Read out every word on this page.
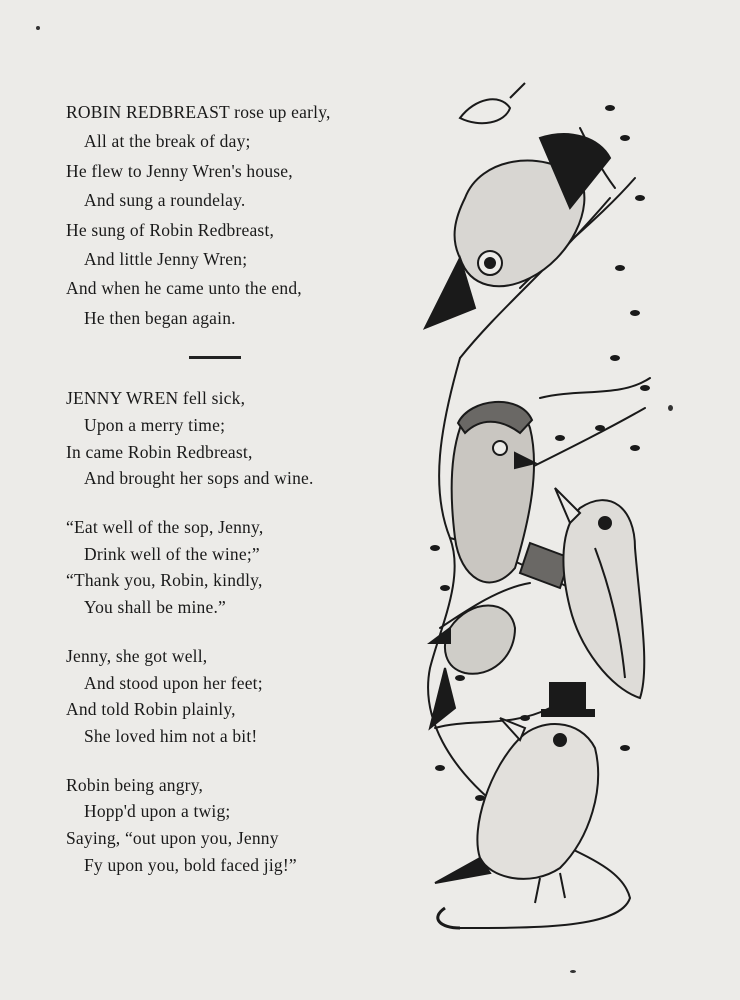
ROBIN REDBREAST rose up early,
All at the break of day;
He flew to Jenny Wren's house,
And sung a roundelay.
He sung of Robin Redbreast,
And little Jenny Wren;
And when he came unto the end,
He then began again.
JENNY WREN fell sick,
Upon a merry time;
In came Robin Redbreast,
And brought her sops and wine.
“Eat well of the sop, Jenny,
Drink well of the wine;”
“Thank you, Robin, kindly,
You shall be mine.”
Jenny, she got well,
And stood upon her feet;
And told Robin plainly,
She loved him not a bit!
Robin being angry,
Hopp'd upon a twig;
Saying, “out upon you, Jenny
Fy upon you, bold faced jig!”
